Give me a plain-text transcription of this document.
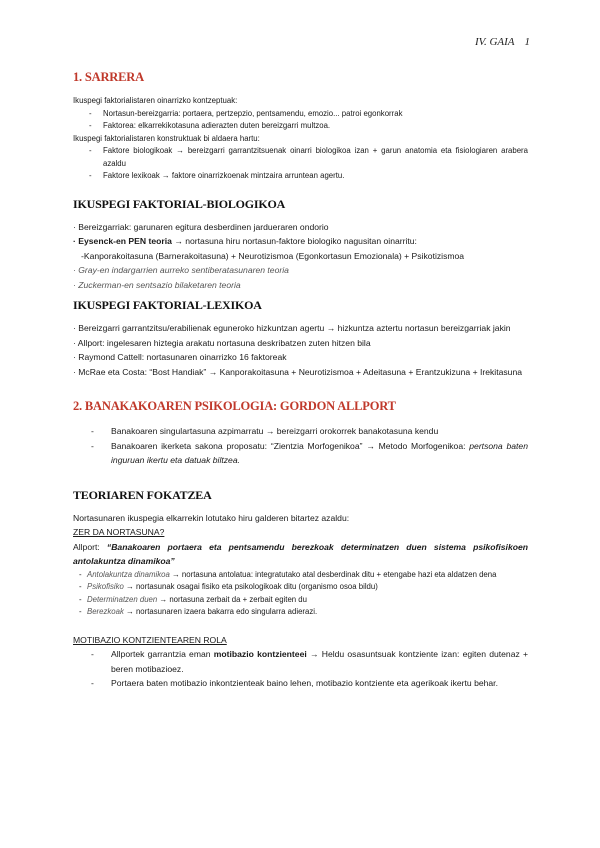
IV. GAIA 1
1. SARRERA

Ikuspegi faktorialistaren oinarrizko kontzeptuak:

- Nortasun-bereizgarria: portaera, pertzepzio, pentsamendu, emozio... patroi egonkorrak
- Faktorea: elkarrekikotasuna adierazten duten bereizgarri multzoa.

Ikuspegi faktorialistaren konstruktuak bi aldaera hartu:

- Faktore biologikoak → bereizgarri garrantzitsuenak oinarri biologikoa izan + garun anatomia eta fisiologiaren arabera azaldu
- Faktore lexikoak → faktore oinarrizkoenak mintzaira arruntean agertu.
IKUSPEGI FAKTORIAL-BIOLOGIKOA

· Bereizgarriak: garunaren egitura desberdinen jardueraren ondorio

· Eysenck-en PEN teoria → nortasuna hiru nortasun-faktore biologiko nagusitan oinarritu:

-Kanporakoitasuna (Barnerakoitasuna) + Neurotizismoa (Egonkortasun Emozionala) + Psikotizismoa

· Gray-en indargarrien aurreko sentiberatasunaren teoria

· Zuckerman-en sentsazio bilaketaren teoria

IKUSPEGI FAKTORIAL-LEXIKOA

· Bereizgarri garrantzitsu/erabilienak eguneroko hizkuntzan agertu → hizkuntza aztertu nortasun bereizgarriak jakin

· Allport: ingelesaren hiztegia arakatu nortasuna deskribatzen zuten hitzen bila

· Raymond Cattell: nortasunaren oinarrizko 16 faktoreak

· McRae eta Costa: “Bost Handiak” → Kanporakoitasuna + Neurotizismoa + Adeitasuna + Erantzukizuna + Irekitasuna

2. BANAKAKOAREN PSIKOLOGIA: GORDON ALLPORT
- Banakoaren singulartasuna azpimarratu → bereizgarri orokorrek banakotasuna kendu
- Banakoaren ikerketa sakona proposatu: “Zientzia Morfogenikoa” → Metodo Morfogenikoa: pertsona baten inguruan ikertu eta datuak biltzea.
TEORIAREN FOKATZEA

Nortasunaren ikuspegia elkarrekin lotutako hiru galderen bitartez azaldu:

ZER DA NORTASUNA?

Allport: “Banakoaren portaera eta pentsamendu berezkoak determinatzen duen sistema psikofisikoen antolakuntza dinamikoa”

- Antolakuntza dinamikoa → nortasuna antolatua: integratutako atal desberdinak ditu + etengabe hazi eta aldatzen dena
- Psikofisiko → nortasunak osagai fisiko eta psikologikoak ditu (organismo osoa bildu)
- Determinatzen duen → nortasuna zerbait da + zerbait egiten du
- Berezkoak → nortasunaren izaera bakarra edo singularra adierazi.

MOTIBAZIO KONTZIENTEAREN ROLA

- Allportek garrantzia eman motibazio kontzienteei → Heldu osasuntsuak kontziente izan: egiten dutenaz + beren motibazioez.
- Portaera baten motibazio inkontzienteak baino lehen, motibazio kontziente eta agerikoak ikertu behar.
